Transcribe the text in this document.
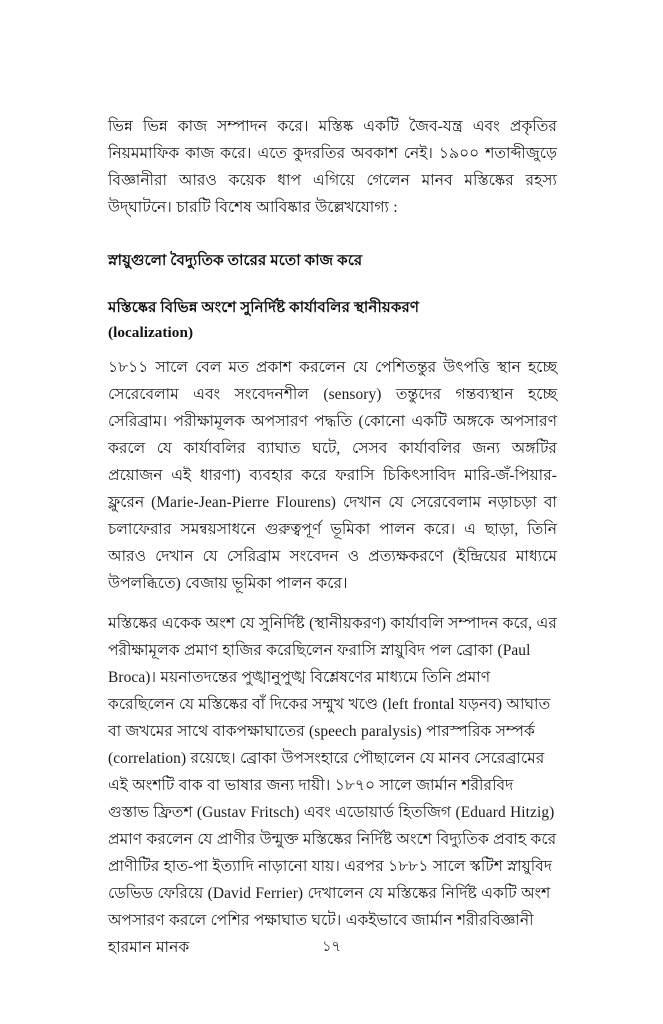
ভিন্ন ভিন্ন কাজ সম্পাদন করে। মস্তিষ্ক একটি জৈব-যন্ত্র এবং প্রকৃতির নিয়মমাফিক কাজ করে। এতে কুদরতির অবকাশ নেই। ১৯০০ শতাব্দীজুড়ে বিজ্ঞানীরা আরও কয়েক ধাপ এগিয়ে গেলেন মানব মস্তিষ্কের রহস্য উদ্‌ঘাটনে। চারটি বিশেষ আবিষ্কার উল্লেখযোগ্য :

স্নায়ুগুলো বৈদ্যুতিক তারের মতো কাজ করে
মস্তিষ্কের বিভিন্ন অংশে সুনির্দিষ্ট কার্যাবলির স্থানীয়করণ
(localization)

১৮১১ সালে বেল মত প্রকাশ করলেন যে পেশিতন্তুর উৎপত্তি স্থান হচ্ছে সেরেবেলাম এবং সংবেদনশীল (sensory) তন্তুদের গন্তব্যস্থান হচ্ছে সেরিব্রাম। পরীক্ষামূলক অপসারণ পদ্ধতি (কোনো একটি অঙ্গকে অপসারণ করলে যে কার্যাবলির ব্যাঘাত ঘটে, সেসব কার্যাবলির জন্য অঙ্গটির প্রয়োজন এই ধারণা) ব্যবহার করে ফরাসি চিকিৎসাবিদ মারি-জঁ-পিয়ার-ফ্লুরেন (Marie-Jean-Pierre Flourens) দেখান যে সেরেবেলাম নড়াচড়া বা চলাফেরার সমন্বয়সাধনে গুরুত্বপূর্ণ ভূমিকা পালন করে। এ ছাড়া, তিনি আরও দেখান যে সেরিব্রাম সংবেদন ও প্রত্যক্ষকরণে (ইন্দ্রিয়ের মাধ্যমে উপলব্ধিতে) বেজায় ভূমিকা পালন করে।

মস্তিষ্কের একেক অংশ যে সুনির্দিষ্ট (স্থানীয়করণ) কার্যাবলি সম্পাদন করে, এর পরীক্ষামূলক প্রমাণ হাজির করেছিলেন ফরাসি স্নায়ুবিদ পল ব্রোকা (Paul Broca)। ময়নাতদন্তের পুঙ্খানুপুঙ্খ বিশ্লেষণের মাধ্যমে তিনি প্রমাণ করেছিলেন যে মস্তিষ্কের বাঁ দিকের সম্মুখ খণ্ডে (left frontal যড়নব) আঘাত বা জখমের সাথে বাকপক্ষাঘাতের (speech paralysis) পারস্পরিক সম্পর্ক (correlation) রয়েছে। ব্রোকা উপসংহারে পৌছালেন যে মানব সেরেব্রামের এই অংশটি বাক বা ভাষার জন্য দায়ী। ১৮৭০ সালে জার্মান শরীরবিদ গুস্তাভ ফ্রিতশ (Gustav Fritsch) এবং এডোয়ার্ড হিতজিগ (Eduard Hitzig) প্রমাণ করলেন যে প্রাণীর উন্মুক্ত মস্তিষ্কের নির্দিষ্ট অংশে বিদ্যুতিক প্রবাহ করে প্রাণীটির হাত-পা ইত্যাদি নাড়ানো যায়। এরপর ১৮৮১ সালে স্কটিশ স্নায়ুবিদ ডেভিড ফেরিয়ে (David Ferrier) দেখালেন যে মস্তিষ্কের নির্দিষ্ট একটি অংশ অপসারণ করলে পেশির পক্ষাঘাত ঘটে। একইভাবে জার্মান শরীরবিজ্ঞানী হারমান মানক	১৭
